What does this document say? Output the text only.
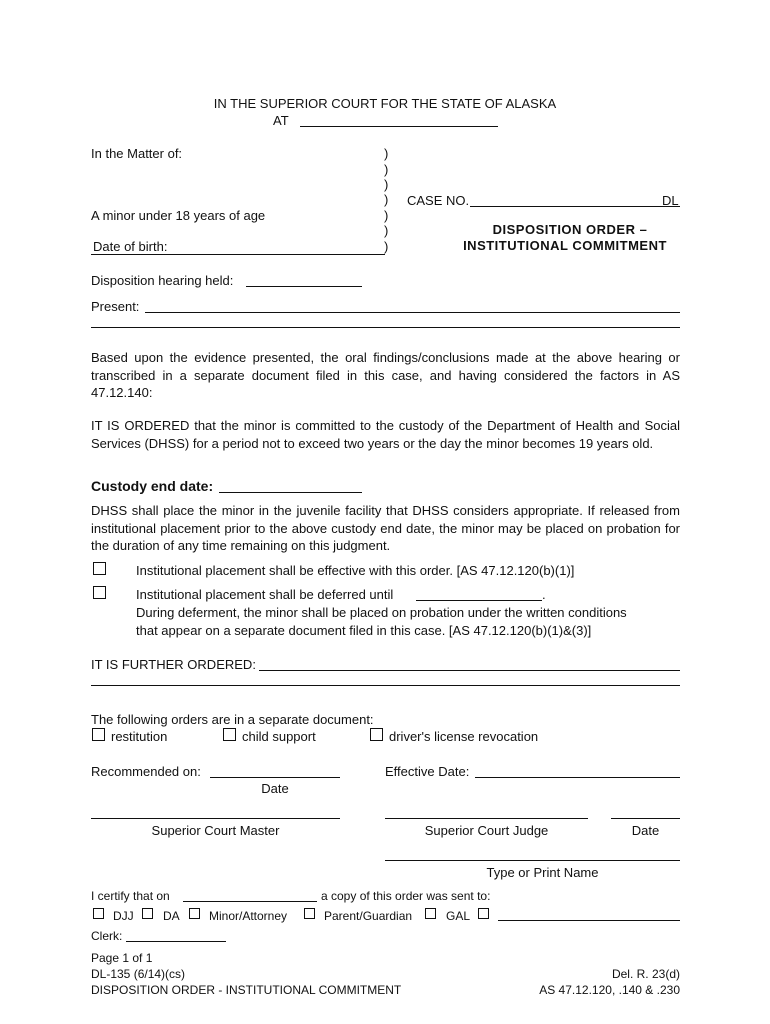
IN THE SUPERIOR COURT FOR THE STATE OF ALASKA
AT
In the Matter of:
A minor under 18 years of age
Date of birth:
)
)
)
)
)
)
)
CASE NO.	DL
DISPOSITION ORDER –
INSTITUTIONAL COMMITMENT
Disposition hearing held:
Present:
Based upon the evidence presented, the oral findings/conclusions made at the above hearing or transcribed in a separate document filed in this case, and having considered the factors in AS 47.12.140:
IT IS ORDERED that the minor is committed to the custody of the Department of Health and Social Services (DHSS) for a period not to exceed two years or the day the minor becomes 19 years old.
Custody end date:
DHSS shall place the minor in the juvenile facility that DHSS considers appropriate. If released from institutional placement prior to the above custody end date, the minor may be placed on probation for the duration of any time remaining on this judgment.
Institutional placement shall be effective with this order. [AS 47.12.120(b)(1)]
Institutional placement shall be deferred until	.
During deferment, the minor shall be placed on probation under the written conditions
that appear on a separate document filed in this case. [AS 47.12.120(b)(1)&(3)]
IT IS FURTHER ORDERED:
The following orders are in a separate document:
restitution	child support	driver's license revocation
Recommended on:
Date
Effective Date:
Superior Court Master	Superior Court Judge	Date
Type or Print Name
I certify that on	a copy of this order was sent to:
DJJ DA Minor/Attorney	Parent/Guardian	GAL
Clerk:
Page 1 of 1
DL-135 (6/14)(cs)
DISPOSITION ORDER - INSTITUTIONAL COMMITMENT
Del. R. 23(d)
AS 47.12.120, .140 & .230
